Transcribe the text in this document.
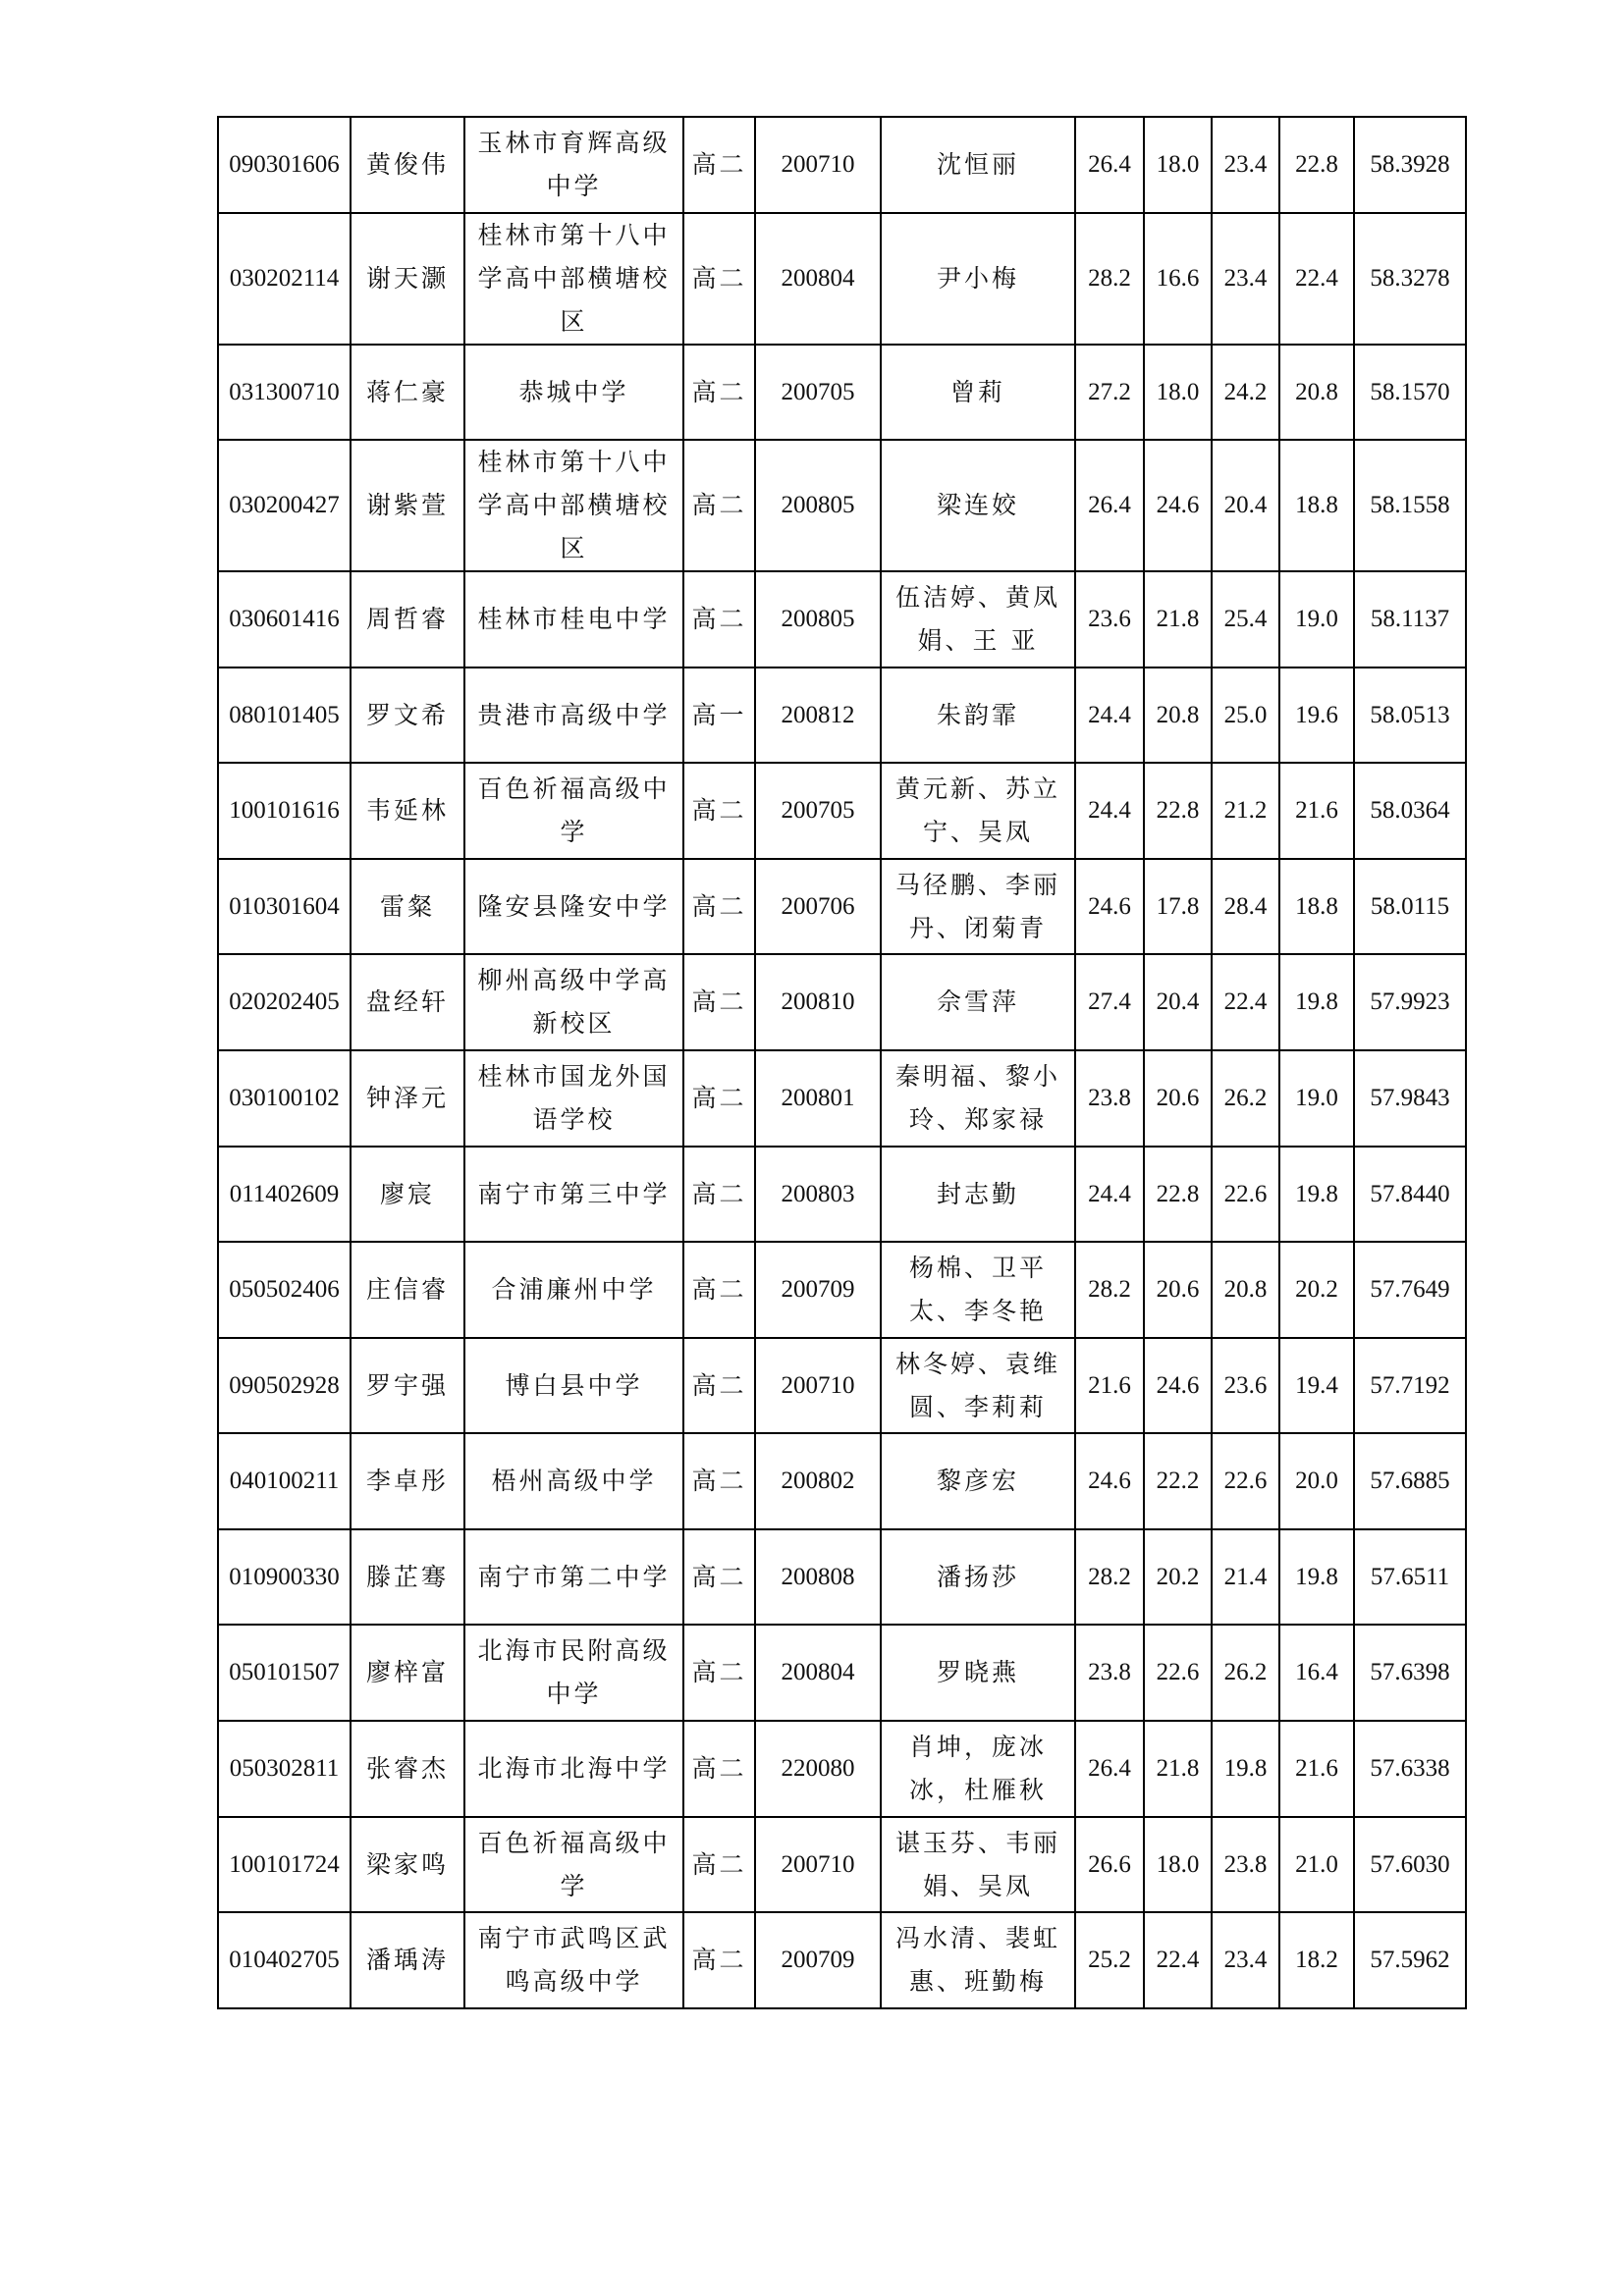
090301606	黄俊伟	玉林市育辉高级中学	高二	200710	沈恒丽	26.4	18.0	23.4	22.8	58.3928
030202114	谢天灏	桂林市第十八中学高中部横塘校区	高二	200804	尹小梅	28.2	16.6	23.4	22.4	58.3278
031300710	蒋仁豪	恭城中学	高二	200705	曾莉	27.2	18.0	24.2	20.8	58.1570
030200427	谢紫萱	桂林市第十八中学高中部横塘校区	高二	200805	梁连姣	26.4	24.6	20.4	18.8	58.1558
030601416	周哲睿	桂林市桂电中学	高二	200805	伍洁婷、黄凤娟、王 亚	23.6	21.8	25.4	19.0	58.1137
080101405	罗文希	贵港市高级中学	高一	200812	朱韵霏	24.4	20.8	25.0	19.6	58.0513
100101616	韦延林	百色祈福高级中学	高二	200705	黄元新、苏立宁、吴凤	24.4	22.8	21.2	21.6	58.0364
010301604	雷粲	隆安县隆安中学	高二	200706	马径鹏、李丽丹、闭菊青	24.6	17.8	28.4	18.8	58.0115
020202405	盘经轩	柳州高级中学高新校区	高二	200810	佘雪萍	27.4	20.4	22.4	19.8	57.9923
030100102	钟泽元	桂林市国龙外国语学校	高二	200801	秦明福、黎小玲、郑家禄	23.8	20.6	26.2	19.0	57.9843
011402609	廖宸	南宁市第三中学	高二	200803	封志勤	24.4	22.8	22.6	19.8	57.8440
050502406	庄信睿	合浦廉州中学	高二	200709	杨棉、卫平太、李冬艳	28.2	20.6	20.8	20.2	57.7649
090502928	罗宇强	博白县中学	高二	200710	林冬婷、袁维圆、李莉莉	21.6	24.6	23.6	19.4	57.7192
040100211	李卓彤	梧州高级中学	高二	200802	黎彦宏	24.6	22.2	22.6	20.0	57.6885
010900330	滕芷骞	南宁市第二中学	高二	200808	潘扬莎	28.2	20.2	21.4	19.8	57.6511
050101507	廖梓富	北海市民附高级中学	高二	200804	罗晓燕	23.8	22.6	26.2	16.4	57.6398
050302811	张睿杰	北海市北海中学	高二	220080	肖坤，庞冰冰，杜雁秋	26.4	21.8	19.8	21.6	57.6338
100101724	梁家鸣	百色祈福高级中学	高二	200710	谌玉芬、韦丽娟、吴凤	26.6	18.0	23.8	21.0	57.6030
010402705	潘瑀涛	南宁市武鸣区武鸣高级中学	高二	200709	冯水清、裴虹惠、班勤梅	25.2	22.4	23.4	18.2	57.5962
